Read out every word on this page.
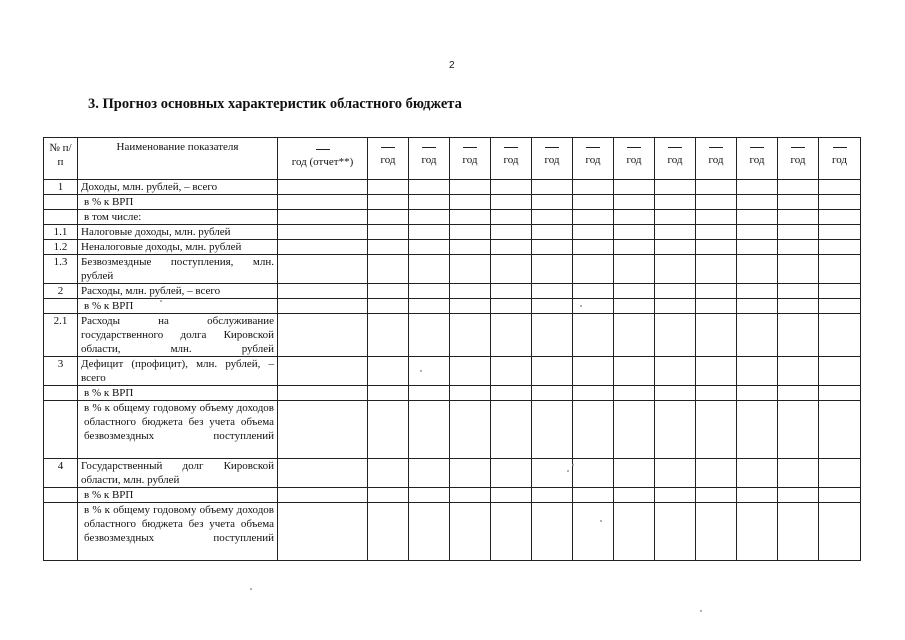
2
3. Прогноз основных характеристик областного бюджета
№ п/п	Наименование показателя	год (отчет**)	год	год	год	год	год	год	год	год	год	год	год	год
1	Доходы, млн. рублей, – всего													
	в % к ВРП													
	в том числе:													
1.1	Налоговые доходы, млн. рублей													
1.2	Неналоговые доходы, млн. рублей													
1.3	Безвозмездные поступления, млн. рублей													
2	Расходы, млн. рублей, – всего													
	в % к ВРП													
2.1	Расходы на обслуживание государственного долга Кировской области, млн. рублей													
3	Дефицит (профицит), млн. рублей, – всего													
	в % к ВРП													
	в % к общему годовому объему доходов областного бюджета без учета объема безвозмездных поступлений													
4	Государственный долг Кировской области, млн. рублей													
	в % к ВРП													
	в % к общему годовому объему доходов областного бюджета без учета объема безвозмездных поступлений													
